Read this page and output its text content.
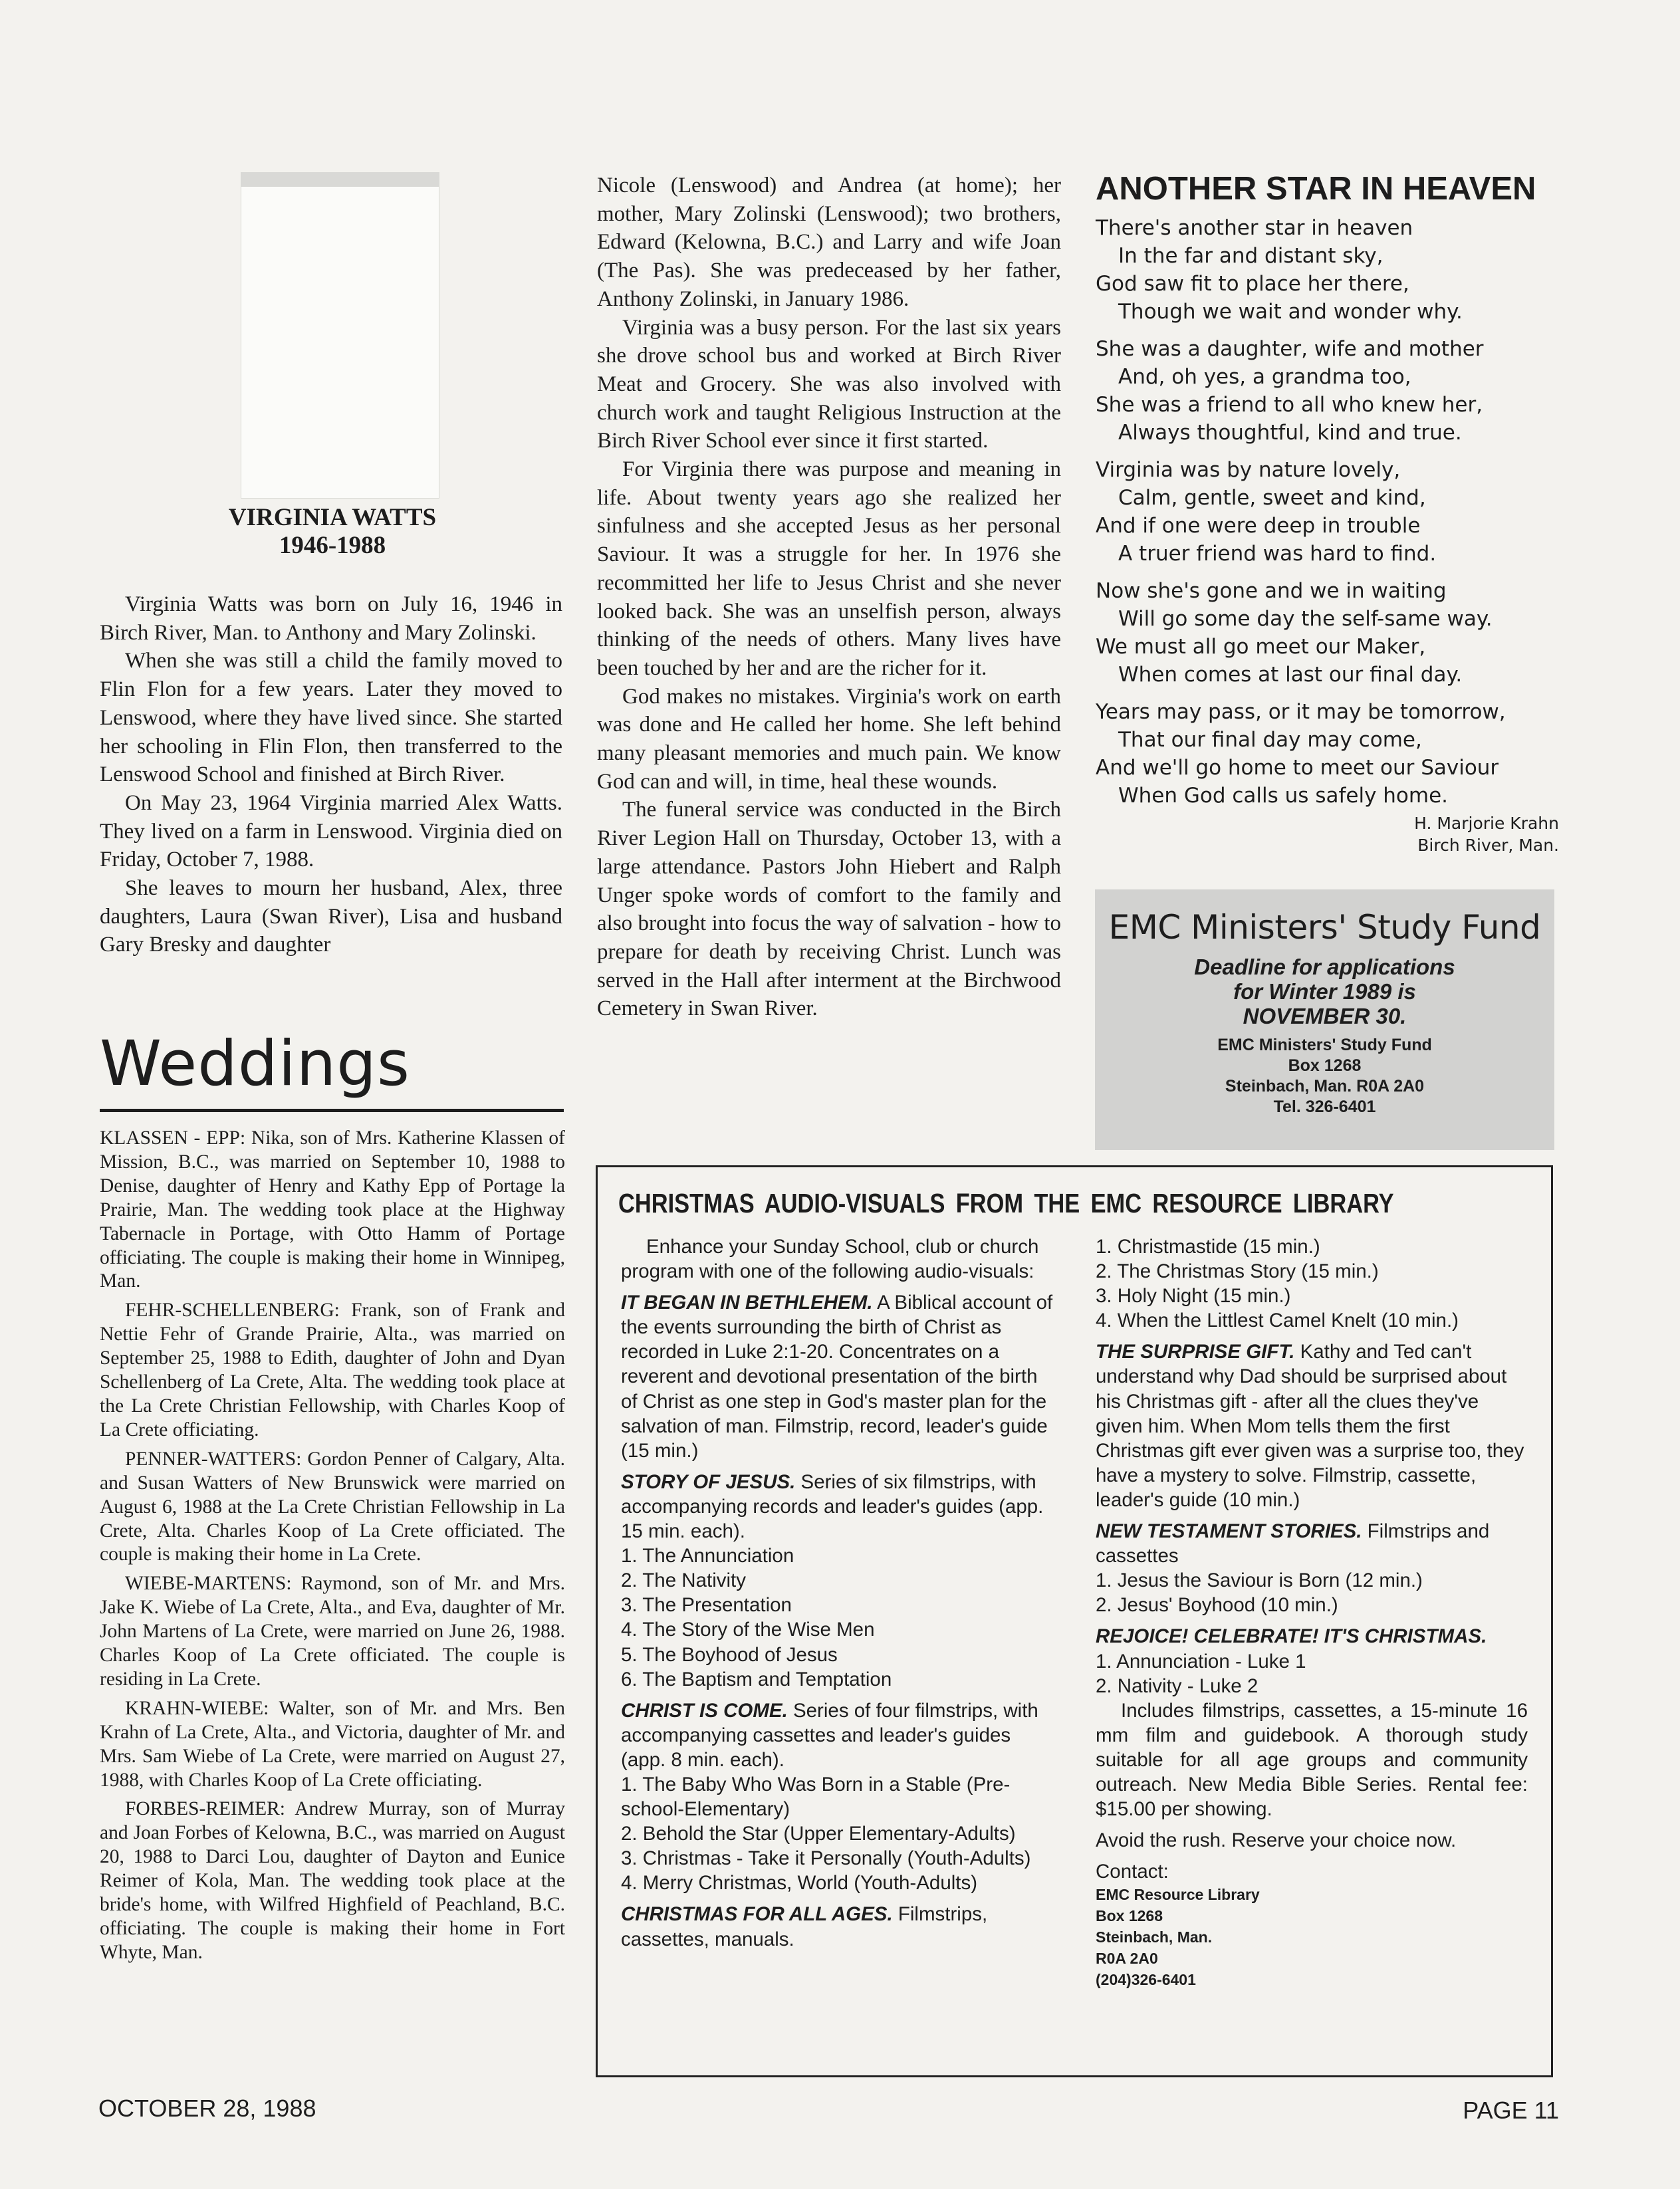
VIRGINIA WATTS
1946-1988

Virginia Watts was born on July 16, 1946 in Birch River, Man. to Anthony and Mary Zolinski.

When she was still a child the family moved to Flin Flon for a few years. Later they moved to Lenswood, where they have lived since. She started her schooling in Flin Flon, then transferred to the Lenswood School and finished at Birch River.

On May 23, 1964 Virginia married Alex Watts. They lived on a farm in Lenswood. Virginia died on Friday, October 7, 1988.

She leaves to mourn her husband, Alex, three daughters, Laura (Swan River), Lisa and husband Gary Bresky and daughter

Weddings

KLASSEN - EPP: Nika, son of Mrs. Katherine Klassen of Mission, B.C., was married on September 10, 1988 to Denise, daughter of Henry and Kathy Epp of Portage la Prairie, Man. The wedding took place at the Highway Tabernacle in Portage, with Otto Hamm of Portage officiating. The couple is making their home in Winnipeg, Man.

FEHR-SCHELLENBERG: Frank, son of Frank and Nettie Fehr of Grande Prairie, Alta., was married on September 25, 1988 to Edith, daughter of John and Dyan Schellenberg of La Crete, Alta. The wedding took place at the La Crete Christian Fellowship, with Charles Koop of La Crete officiating.

PENNER-WATTERS: Gordon Penner of Calgary, Alta. and Susan Watters of New Brunswick were married on August 6, 1988 at the La Crete Christian Fellowship in La Crete, Alta. Charles Koop of La Crete officiated. The couple is making their home in La Crete.

WIEBE-MARTENS: Raymond, son of Mr. and Mrs. Jake K. Wiebe of La Crete, Alta., and Eva, daughter of Mr. John Martens of La Crete, were married on June 26, 1988. Charles Koop of La Crete officiated. The couple is residing in La Crete.

KRAHN-WIEBE: Walter, son of Mr. and Mrs. Ben Krahn of La Crete, Alta., and Victoria, daughter of Mr. and Mrs. Sam Wiebe of La Crete, were married on August 27, 1988, with Charles Koop of La Crete officiating.

FORBES-REIMER: Andrew Murray, son of Murray and Joan Forbes of Kelowna, B.C., was married on August 20, 1988 to Darci Lou, daughter of Dayton and Eunice Reimer of Kola, Man. The wedding took place at the bride's home, with Wilfred Highfield of Peachland, B.C. officiating. The couple is making their home in Fort Whyte, Man.

Nicole (Lenswood) and Andrea (at home); her mother, Mary Zolinski (Lenswood); two brothers, Edward (Kelowna, B.C.) and Larry and wife Joan (The Pas). She was predeceased by her father, Anthony Zolinski, in January 1986.

Virginia was a busy person. For the last six years she drove school bus and worked at Birch River Meat and Grocery. She was also involved with church work and taught Religious Instruction at the Birch River School ever since it first started.

For Virginia there was purpose and meaning in life. About twenty years ago she realized her sinfulness and she accepted Jesus as her personal Saviour. It was a struggle for her. In 1976 she recommitted her life to Jesus Christ and she never looked back. She was an unselfish person, always thinking of the needs of others. Many lives have been touched by her and are the richer for it.

God makes no mistakes. Virginia's work on earth was done and He called her home. She left behind many pleasant memories and much pain. We know God can and will, in time, heal these wounds.

The funeral service was conducted in the Birch River Legion Hall on Thursday, October 13, with a large attendance. Pastors John Hiebert and Ralph Unger spoke words of comfort to the family and also brought into focus the way of salvation - how to prepare for death by receiving Christ. Lunch was served in the Hall after interment at the Birchwood Cemetery in Swan River.

ANOTHER STAR IN HEAVEN
There's another star in heaven
In the far and distant sky,
God saw fit to place her there,
Though we wait and wonder why.
She was a daughter, wife and mother
And, oh yes, a grandma too,
She was a friend to all who knew her,
Always thoughtful, kind and true.
Virginia was by nature lovely,
Calm, gentle, sweet and kind,
And if one were deep in trouble
A truer friend was hard to find.
Now she's gone and we in waiting
Will go some day the self-same way.
We must all go meet our Maker,
When comes at last our final day.
Years may pass, or it may be tomorrow,
That our final day may come,
And we'll go home to meet our Saviour
When God calls us safely home.
H. Marjorie Krahn
Birch River, Man.
EMC Ministers' Study Fund
Deadline for applications
for Winter 1989 is
NOVEMBER 30.
EMC Ministers' Study Fund
Box 1268
Steinbach, Man. R0A 2A0
Tel. 326-6401
CHRISTMAS AUDIO-VISUALS FROM THE EMC RESOURCE LIBRARY

Enhance your Sunday School, club or church program with one of the following audio-visuals:

IT BEGAN IN BETHLEHEM. A Biblical account of the events surrounding the birth of Christ as recorded in Luke 2:1-20. Concentrates on a reverent and devotional presentation of the birth of Christ as one step in God's master plan for the salvation of man. Filmstrip, record, leader's guide (15 min.)

STORY OF JESUS. Series of six filmstrips, with accompanying records and leader's guides (app. 15 min. each).

1. The Annunciation
2. The Nativity
3. The Presentation
4. The Story of the Wise Men
5. The Boyhood of Jesus
6. The Baptism and Temptation

CHRIST IS COME. Series of four filmstrips, with accompanying cassettes and leader's guides (app. 8 min. each).

1. The Baby Who Was Born in a Stable (Pre-school-Elementary)
2. Behold the Star (Upper Elementary-Adults)
3. Christmas - Take it Personally (Youth-Adults)
4. Merry Christmas, World (Youth-Adults)

CHRISTMAS FOR ALL AGES. Filmstrips, cassettes, manuals.

1. Christmastide (15 min.)
2. The Christmas Story (15 min.)
3. Holy Night (15 min.)
4. When the Littlest Camel Knelt (10 min.)

THE SURPRISE GIFT. Kathy and Ted can't understand why Dad should be surprised about his Christmas gift - after all the clues they've given him. When Mom tells them the first Christmas gift ever given was a surprise too, they have a mystery to solve. Filmstrip, cassette, leader's guide (10 min.)

NEW TESTAMENT STORIES. Filmstrips and cassettes

1. Jesus the Saviour is Born (12 min.)
2. Jesus' Boyhood (10 min.)

REJOICE! CELEBRATE! IT'S CHRISTMAS.

1. Annunciation - Luke 1
2. Nativity - Luke 2

Includes filmstrips, cassettes, a 15-minute 16 mm film and guidebook. A thorough study suitable for all age groups and community outreach. New Media Bible Series. Rental fee: $15.00 per showing.

Avoid the rush. Reserve your choice now.

Contact:

EMC Resource Library
Box 1268
Steinbach, Man.
R0A 2A0
(204)326-6401
OCTOBER 28, 1988	PAGE 11
